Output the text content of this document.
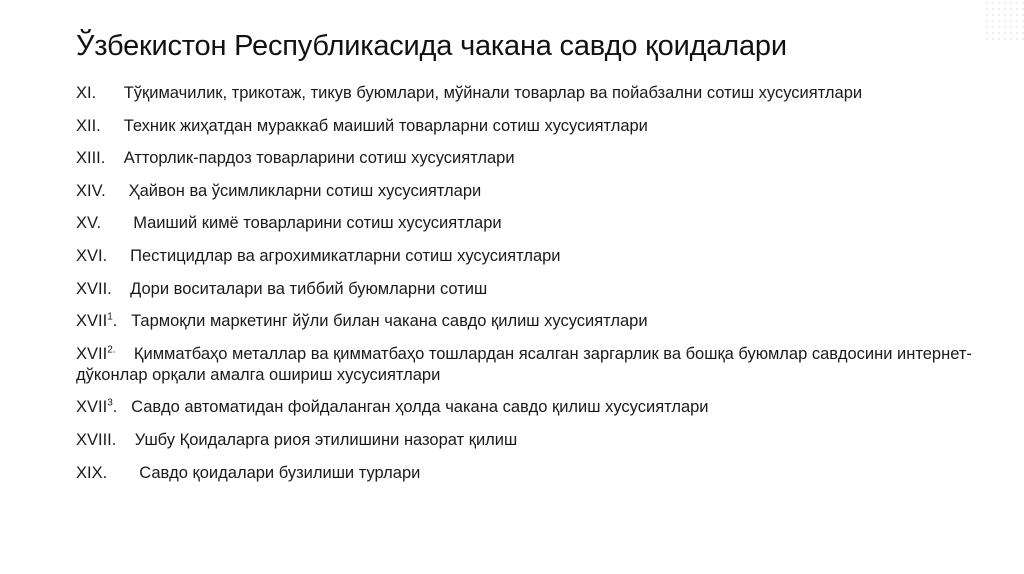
Ўзбекистон Республикасида чакана савдо қоидалари
XI. Тўқимачилик, трикотаж, тикув буюмлари, мўйнали товарлар ва пойабзални сотиш хусусиятлари
XII. Техник жиҳатдан мураккаб маиший товарларни сотиш хусусиятлари
XIII. Атторлик-пардоз товарларини сотиш хусусиятлари
XIV. Ҳайвон ва ўсимликларни сотиш хусусиятлари
XV. Маиший кимё товарларини сотиш хусусиятлари
XVI. Пестицидлар ва агрохимикатларни сотиш хусусиятлари
XVII. Дори воситалари ва тиббий буюмларни сотиш
XVII$^1$.   Тармоқли маркетинг йўли билан чакана савдо қилиш хусусиятлари
$XVII^{2.}$ Қимматбаҳо металлар ва қимматбаҳо тошлардан ясалган заргарлик ва бошқа буюмлар савдосини интернет-дўконлар орқали амалга ошириш хусусиятлари
XVII$^3$.   Савдо автоматидан фойдаланган ҳолда чакана савдо қилиш хусусиятлари
XVIII. Ушбу Қоидаларга риоя этилишини назорат қилиш
XIX. Савдо қоидалари бузилиши турлари
